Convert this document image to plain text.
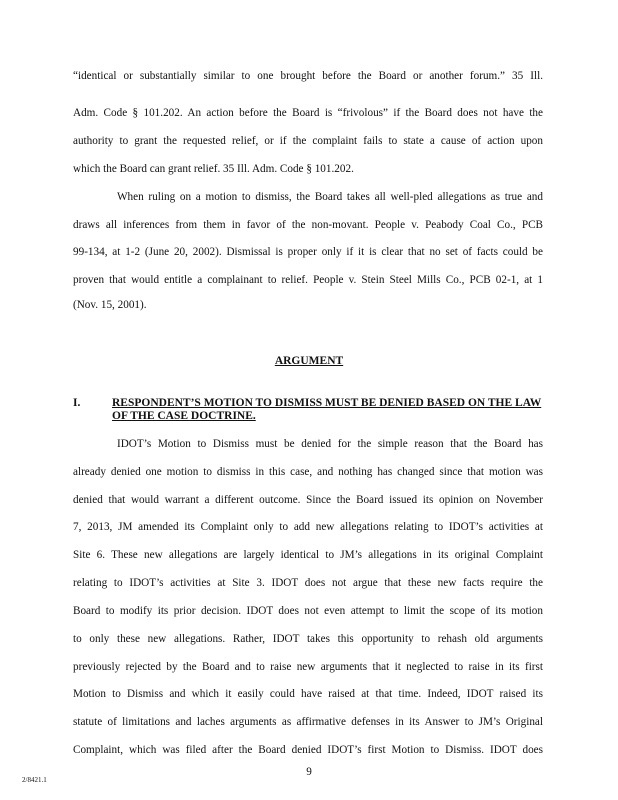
“identical or substantially similar to one brought before the Board or another forum.” 35 Ill.
Adm. Code § 101.202. An action before the Board is “frivolous” if the Board does not have the
authority to grant the requested relief, or if the complaint fails to state a cause of action upon
which the Board can grant relief. 35 Ill. Adm. Code § 101.202.
When ruling on a motion to dismiss, the Board takes all well-pled allegations as true and
draws all inferences from them in favor of the non-movant. People v. Peabody Coal Co., PCB
99-134, at 1-2 (June 20, 2002). Dismissal is proper only if it is clear that no set of facts could be
proven that would entitle a complainant to relief. People v. Stein Steel Mills Co., PCB 02-1, at 1
(Nov. 15, 2001).
ARGUMENT
I.	RESPONDENT’S MOTION TO DISMISS MUST BE DENIED BASED ON THE LAW OF THE CASE DOCTRINE.
IDOT’s Motion to Dismiss must be denied for the simple reason that the Board has
already denied one motion to dismiss in this case, and nothing has changed since that motion was
denied that would warrant a different outcome. Since the Board issued its opinion on November
7, 2013, JM amended its Complaint only to add new allegations relating to IDOT’s activities at
Site 6. These new allegations are largely identical to JM’s allegations in its original Complaint
relating to IDOT’s activities at Site 3. IDOT does not argue that these new facts require the
Board to modify its prior decision. IDOT does not even attempt to limit the scope of its motion
to only these new allegations. Rather, IDOT takes this opportunity to rehash old arguments
previously rejected by the Board and to raise new arguments that it neglected to raise in its first
Motion to Dismiss and which it easily could have raised at that time. Indeed, IDOT raised its
statute of limitations and laches arguments as affirmative defenses in its Answer to JM’s Original
Complaint, which was filed after the Board denied IDOT’s first Motion to Dismiss. IDOT does
9
2/8421.1
